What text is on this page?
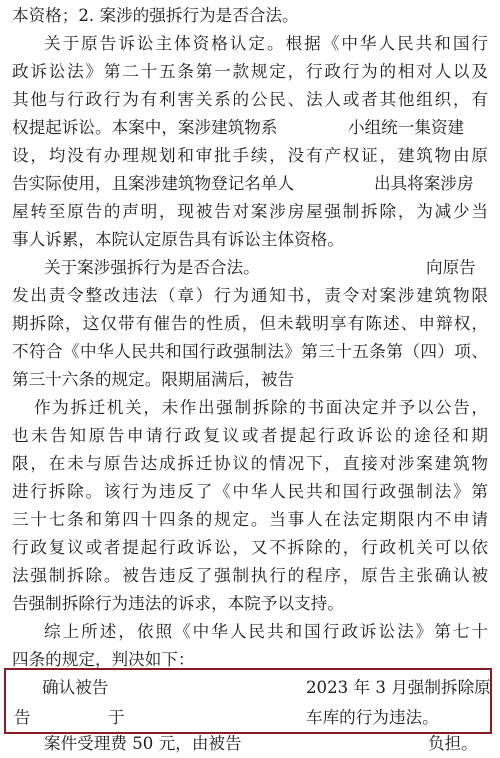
本资格；2. 案涉的强拆行为是否合法。
关于原告诉讼主体资格认定。根据《中华人民共和国行
政诉讼法》第二十五条第一款规定，行政行为的相对人以及
其他与行政行为有利害关系的公民、法人或者其他组织，有
权提起诉讼。本案中，案涉建筑物系	小组统一集资建
设，均没有办理规划和审批手续，没有产权证，建筑物由原
告实际使用，且案涉建筑物登记名单人	出具将案涉房
屋转至原告的声明，现被告对案涉房屋强制拆除，为减少当
事人诉累，本院认定原告具有诉讼主体资格。
关于案涉强拆行为是否合法。	向原告
发出责令整改违法（章）行为通知书，责令对案涉建筑物限
期拆除，这仅带有催告的性质，但未载明享有陈述、申辩权，
不符合《中华人民共和国行政强制法》第三十五条第（四）项、
第三十六条的规定。限期届满后，被告
作为拆迁机关，未作出强制拆除的书面决定并予以公告，
也未告知原告申请行政复议或者提起行政诉讼的途径和期
限，在未与原告达成拆迁协议的情况下，直接对涉案建筑物
进行拆除。该行为违反了《中华人民共和国行政强制法》第
三十七条和第四十四条的规定。当事人在法定期限内不申请
行政复议或者提起行政诉讼，又不拆除的，行政机关可以依
法强制拆除。被告违反了强制执行的程序，原告主张确认被
告强制拆除行为违法的诉求，本院予以支持。
综上所述，依照《中华人民共和国行政诉讼法》第七十
四条的规定，判决如下：
确认被告	2023 年 3 月强制拆除原
告	于	车库的行为违法。
案件受理费 50 元，由被告	负担。
